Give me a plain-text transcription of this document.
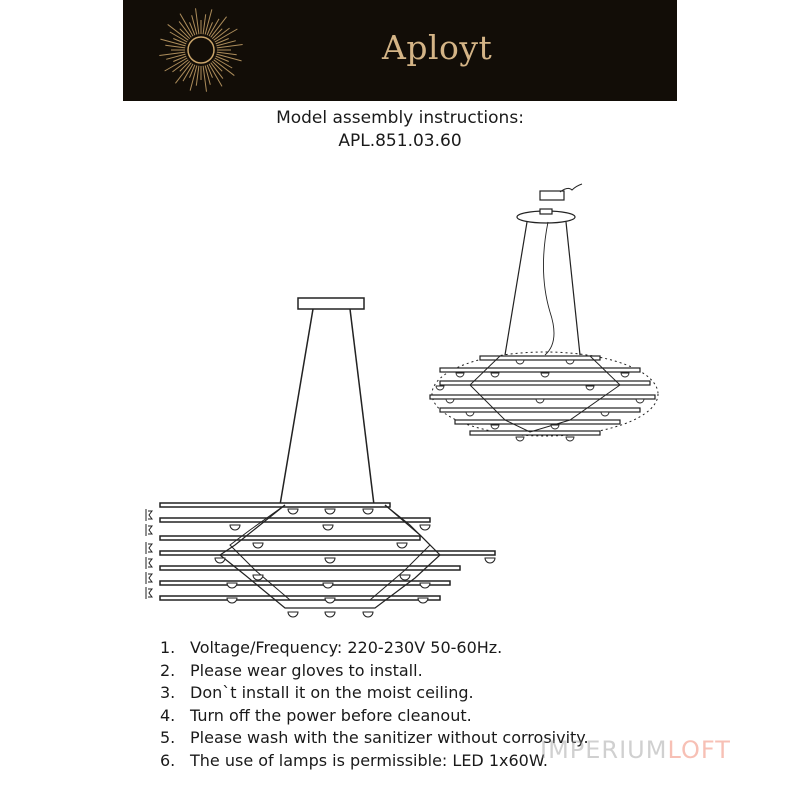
Aployt
Model assembly instructions:
APL.851.03.60
1. Voltage/Frequency: 220-230V 50-60Hz.
2. Please wear gloves to install.
3. Don`t install it on the moist ceiling.
4. Turn off the power before cleanout.
5. Please wash with the sanitizer without corrosivity.
6. The use of lamps is permissible: LED 1x60W.
IMPERIUMLOFT
